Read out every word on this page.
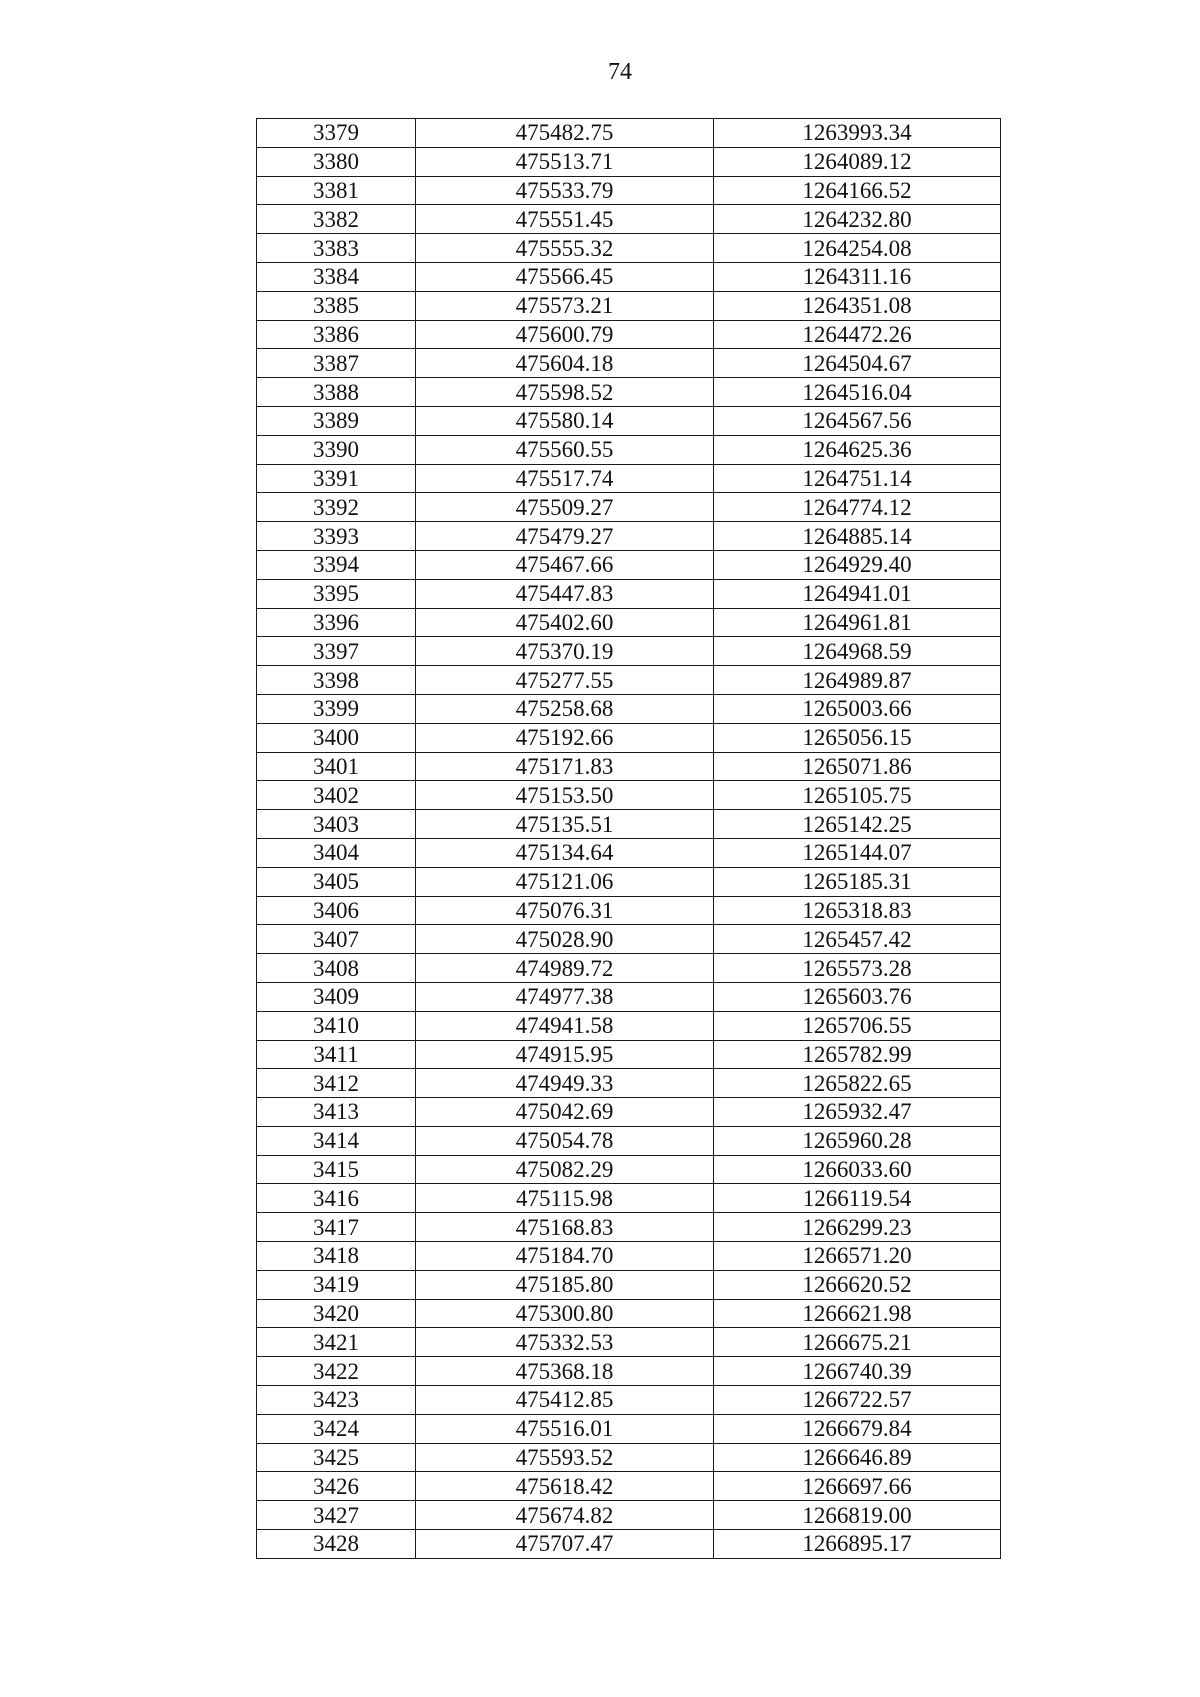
74
3379	475482.75	1263993.34
3380	475513.71	1264089.12
3381	475533.79	1264166.52
3382	475551.45	1264232.80
3383	475555.32	1264254.08
3384	475566.45	1264311.16
3385	475573.21	1264351.08
3386	475600.79	1264472.26
3387	475604.18	1264504.67
3388	475598.52	1264516.04
3389	475580.14	1264567.56
3390	475560.55	1264625.36
3391	475517.74	1264751.14
3392	475509.27	1264774.12
3393	475479.27	1264885.14
3394	475467.66	1264929.40
3395	475447.83	1264941.01
3396	475402.60	1264961.81
3397	475370.19	1264968.59
3398	475277.55	1264989.87
3399	475258.68	1265003.66
3400	475192.66	1265056.15
3401	475171.83	1265071.86
3402	475153.50	1265105.75
3403	475135.51	1265142.25
3404	475134.64	1265144.07
3405	475121.06	1265185.31
3406	475076.31	1265318.83
3407	475028.90	1265457.42
3408	474989.72	1265573.28
3409	474977.38	1265603.76
3410	474941.58	1265706.55
3411	474915.95	1265782.99
3412	474949.33	1265822.65
3413	475042.69	1265932.47
3414	475054.78	1265960.28
3415	475082.29	1266033.60
3416	475115.98	1266119.54
3417	475168.83	1266299.23
3418	475184.70	1266571.20
3419	475185.80	1266620.52
3420	475300.80	1266621.98
3421	475332.53	1266675.21
3422	475368.18	1266740.39
3423	475412.85	1266722.57
3424	475516.01	1266679.84
3425	475593.52	1266646.89
3426	475618.42	1266697.66
3427	475674.82	1266819.00
3428	475707.47	1266895.17
